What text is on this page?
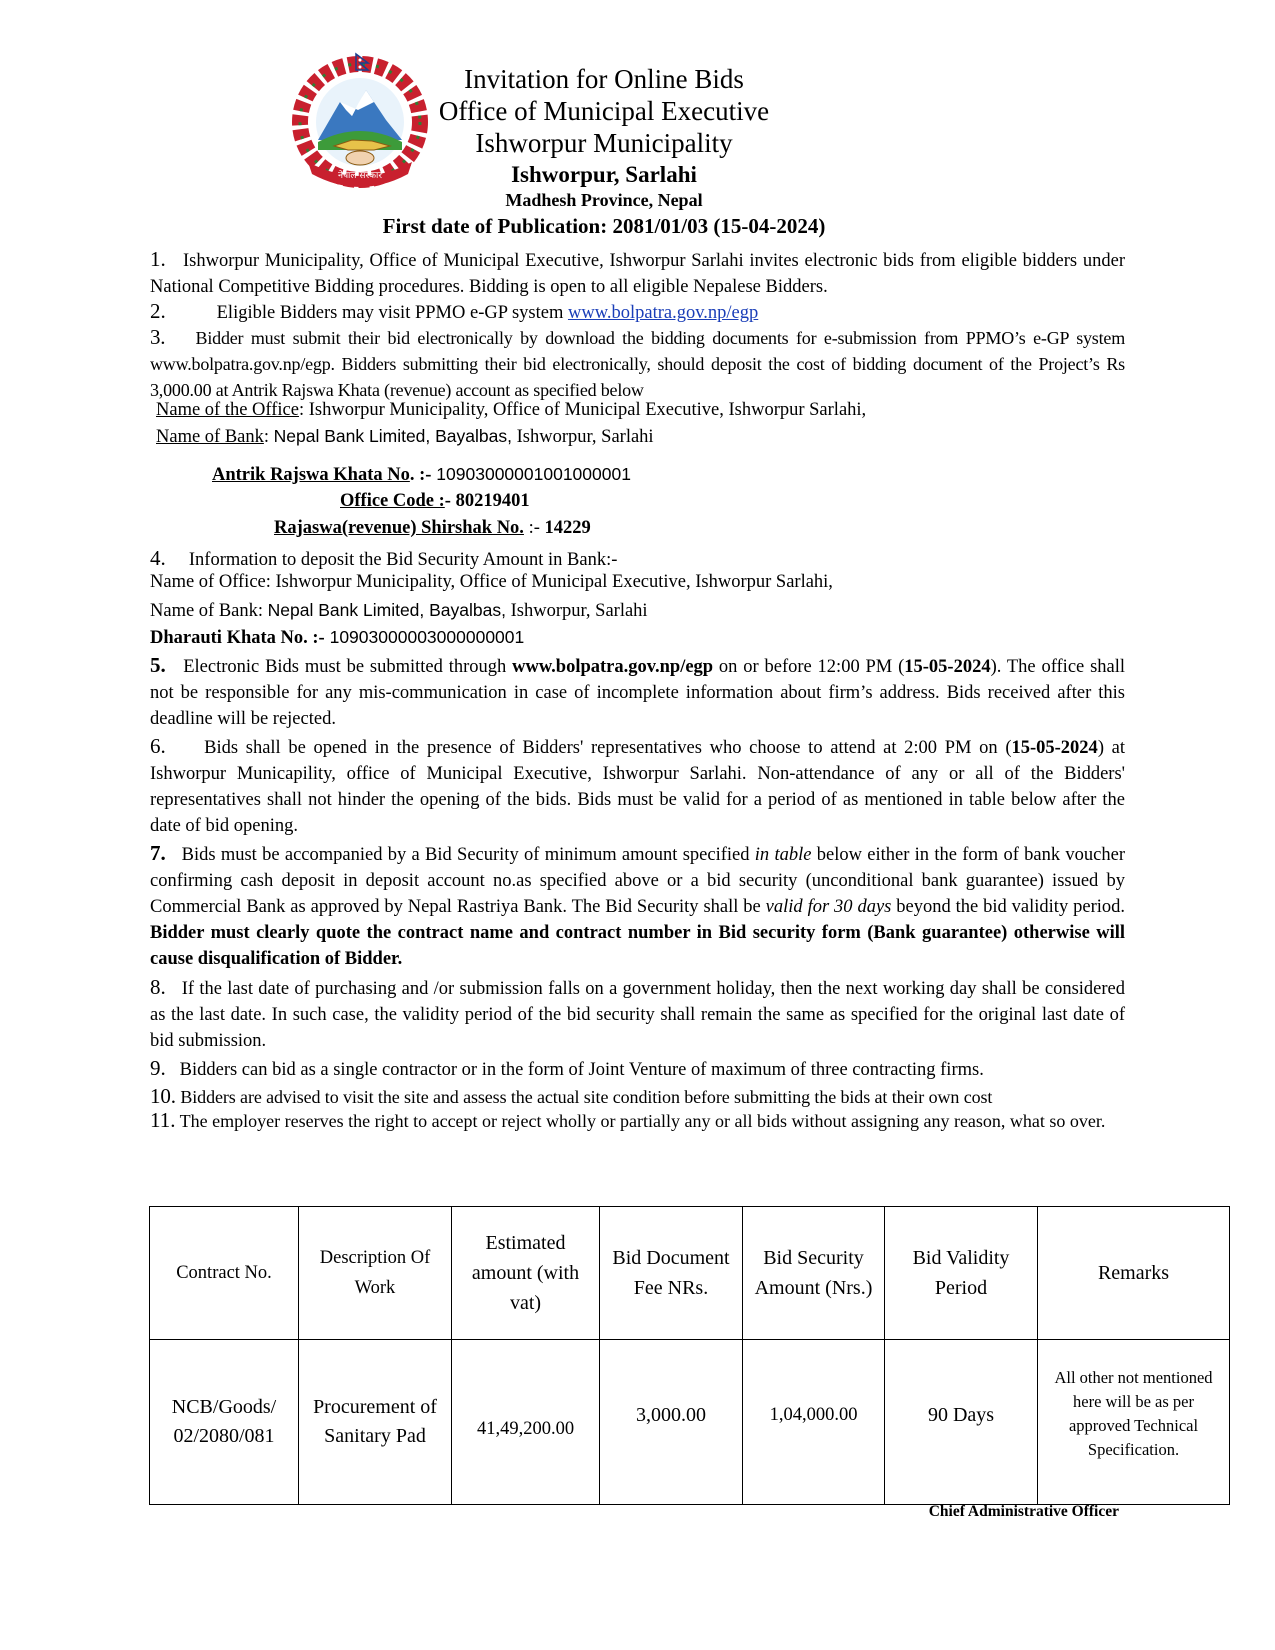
नेपाल सरकार
Invitation for Online Bids
Office of Municipal Executive
Ishworpur Municipality
Ishworpur, Sarlahi
Madhesh Province, Nepal
First date of Publication: 2081/01/03 (15-04-2024)
1. Ishworpur Municipality, Office of Municipal Executive, Ishworpur Sarlahi invites electronic bids from eligible bidders under National Competitive Bidding procedures. Bidding is open to all eligible Nepalese Bidders.
2.	Eligible Bidders may visit PPMO e-GP system www.bolpatra.gov.np/egp
3. Bidder must submit their bid electronically by download the bidding documents for e-submission from PPMO’s e-GP system www.bolpatra.gov.np/egp. Bidders submitting their bid electronically, should deposit the cost of bidding document of the Project’s Rs 3,000.00 at Antrik Rajswa Khata (revenue) account as specified below
Name of the Office: Ishworpur Municipality, Office of Municipal Executive, Ishworpur Sarlahi,
Name of Bank: Nepal Bank Limited, Bayalbas, Ishworpur, Sarlahi
Antrik Rajswa Khata No. :- 10903000001001000001
Office Code :- 80219401
Rajaswa(revenue) Shirshak No. :- 14229
4. Information to deposit the Bid Security Amount in Bank:-
Name of Office: Ishworpur Municipality, Office of Municipal Executive, Ishworpur Sarlahi,
Name of Bank: Nepal Bank Limited, Bayalbas, Ishworpur, Sarlahi
Dharauti Khata No. :- 10903000003000000001
5. Electronic Bids must be submitted through www.bolpatra.gov.np/egp on or before 12:00 PM (15-05-2024). The office shall not be responsible for any mis-communication in case of incomplete information about firm’s address. Bids received after this deadline will be rejected.
6. Bids shall be opened in the presence of Bidders' representatives who choose to attend at 2:00 PM on (15-05-2024) at Ishworpur Municapility, office of Municipal Executive, Ishworpur Sarlahi. Non-attendance of any or all of the Bidders' representatives shall not hinder the opening of the bids. Bids must be valid for a period of as mentioned in table below after the date of bid opening.
7. Bids must be accompanied by a Bid Security of minimum amount specified in table below either in the form of bank voucher confirming cash deposit in deposit account no.as specified above or a bid security (unconditional bank guarantee) issued by Commercial Bank as approved by Nepal Rastriya Bank. The Bid Security shall be valid for 30 days beyond the bid validity period. Bidder must clearly quote the contract name and contract number in Bid security form (Bank guarantee) otherwise will cause disqualification of Bidder.
8. If the last date of purchasing and /or submission falls on a government holiday, then the next working day shall be considered as the last date. In such case, the validity period of the bid security shall remain the same as specified for the original last date of bid submission.
9. Bidders can bid as a single contractor or in the form of Joint Venture of maximum of three contracting firms.
10. Bidders are advised to visit the site and assess the actual site condition before submitting the bids at their own cost
11. The employer reserves the right to accept or reject wholly or partially any or all bids without assigning any reason, what so over.
Contract No.	Description Of Work	Estimated amount (with vat)	Bid Document Fee NRs.	Bid Security Amount (Nrs.)	Bid Validity Period	Remarks
NCB/Goods/ 02/2080/081	Procurement of Sanitary Pad	41,49,200.00	3,000.00	1,04,000.00	90 Days	All other not mentioned here will be as per approved Technical Specification.
Chief Administrative Officer
